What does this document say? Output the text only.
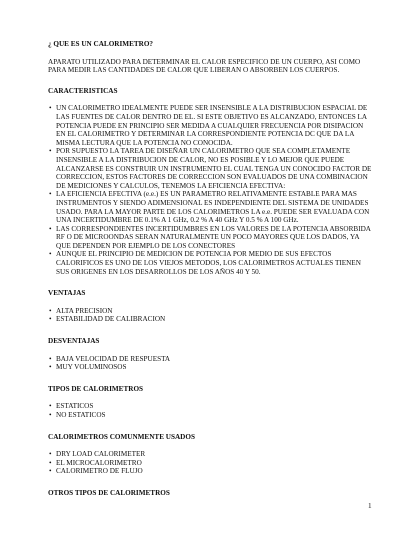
¿ QUE ES UN CALORIMETRO?

APARATO UTILIZADO PARA DETERMINAR EL CALOR ESPECIFICO DE UN CUERPO, ASI COMO PARA MEDIR LAS CANTIDADES DE CALOR QUE LIBERAN O ABSORBEN LOS CUERPOS.

CARACTERISTICAS

• UN CALORIMETRO IDEALMENTE PUEDE SER INSENSIBLE A LA DISTRIBUCION ESPACIAL DE LAS FUENTES DE CALOR DENTRO DE EL. SI ESTE OBJETIVO ES ALCANZADO, ENTONCES LA POTENCIA PUEDE EN PRINCIPIO SER MEDIDA A CUALQUIER FRECUENCIA POR DISIPACION EN EL CALORIMETRO Y DETERMINAR LA CORRESPONDIENTE POTENCIA DC QUE DA LA MISMA LECTURA QUE LA POTENCIA NO CONOCIDA.
• POR SUPUESTO LA TAREA DE DISEÑAR UN CALORIMETRO QUE SEA COMPLETAMENTE INSENSIBLE A LA DISTRIBUCION DE CALOR, NO ES POSIBLE Y LO MEJOR QUE PUEDE ALCANZARSE ES CONSTRUIR UN INSTRUMENTO EL CUAL TENGA UN CONOCIDO FACTOR DE CORRECCION, ESTOS FACTORES DE CORRECCION SON EVALUADOS DE UNA COMBINACION DE MEDICIONES Y CALCULOS, TENEMOS LA EFICIENCIA EFECTIVA:
• LA EFICIENCIA EFECTIVA (e.e.) ES UN PARAMETRO RELATIVAMENTE ESTABLE PARA MAS INSTRUMENTOS Y SIENDO ADIMENSIONAL ES INDEPENDIENTE DEL SISTEMA DE UNIDADES USADO. PARA LA MAYOR PARTE DE LOS CALORIMETROS LA e.e. PUEDE SER EVALUADA CON UNA INCERTIDUMBRE DE 0.1% A 1 GHz, 0.2 % A 40 GHz Y 0.5 % A 100 GHz.
• LAS CORRESPONDIENTES INCERTIDUMBRES EN LOS VALORES DE LA POTENCIA ABSORBIDA RF O DE MICROONDAS SERAN NATURALMENTE UN POCO MAYORES QUE LOS DADOS, YA QUE DEPENDEN POR EJEMPLO DE LOS CONECTORES
• AUNQUE EL PRINCIPIO DE MEDICION DE POTENCIA POR MEDIO DE SUS EFECTOS CALORIFICOS ES UNO DE LOS VIEJOS METODOS, LOS CALORIMETROS ACTUALES TIENEN SUS ORIGENES EN LOS DESARROLLOS DE LOS AÑOS 40 Y 50.

VENTAJAS

• ALTA PRECISION
• ESTABILIDAD DE CALIBRACION

DESVENTAJAS

• BAJA VELOCIDAD DE RESPUESTA
• MUY VOLUMINOSOS

TIPOS DE CALORIMETROS

• ESTATICOS
• NO ESTATICOS

CALORIMETROS COMUNMENTE USADOS

• DRY LOAD CALORIMETER
• EL MICROCALORIMETRO
• CALORIMETRO DE FLUJO

OTROS TIPOS DE CALORIMETROS

1
